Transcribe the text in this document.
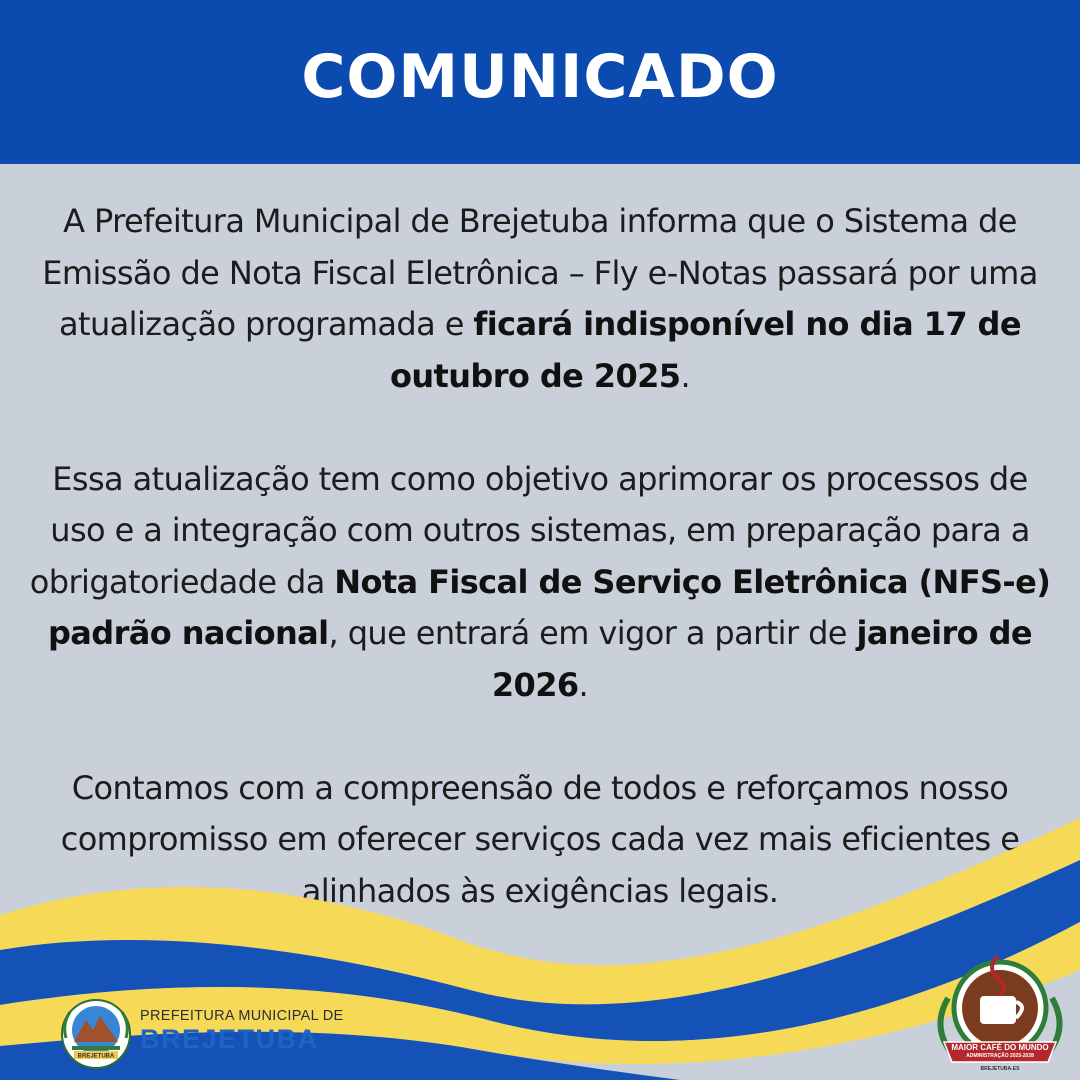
COMUNICADO

A Prefeitura Municipal de Brejetuba informa que o Sistema de Emissão de Nota Fiscal Eletrônica – Fly e-Notas passará por uma atualização programada e ficará indisponível no dia 17 de outubro de 2025.

Essa atualização tem como objetivo aprimorar os processos de uso e a integração com outros sistemas, em preparação para a obrigatoriedade da Nota Fiscal de Serviço Eletrônica (NFS-e) padrão nacional, que entrará em vigor a partir de janeiro de 2026.

Contamos com a compreensão de todos e reforçamos nosso compromisso em oferecer serviços cada vez mais eficientes e alinhados às exigências legais.

BREJETUBA
PREFEITURA MUNICIPAL DE
BREJETUBA	MAIOR CAFÉ DO MUNDO
ADMINISTRAÇÃO 2025-2028
BREJETUBA-ES
